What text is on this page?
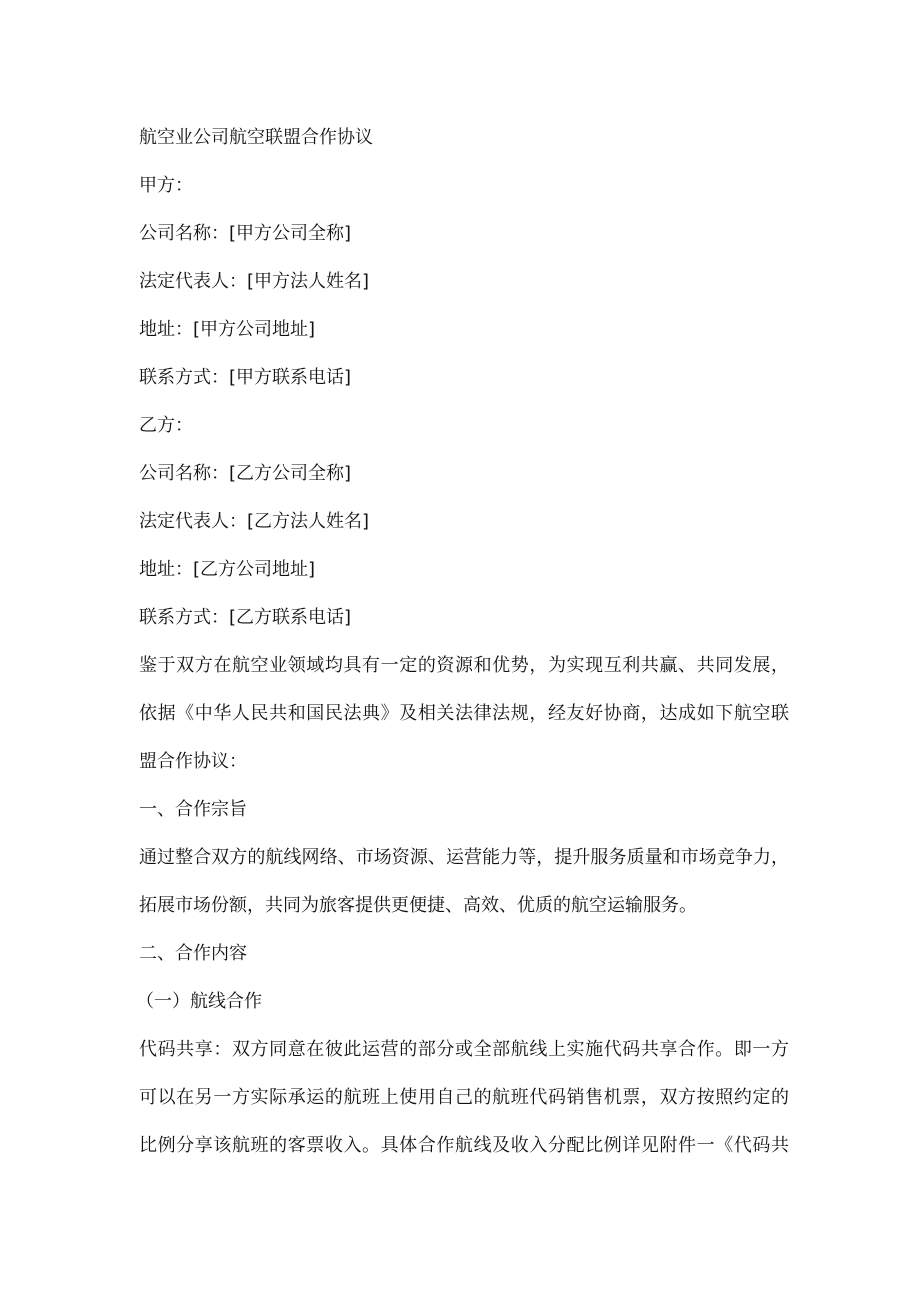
航空业公司航空联盟合作协议
甲方：
公司名称：[甲方公司全称]
法定代表人：[甲方法人姓名]
地址：[甲方公司地址]
联系方式：[甲方联系电话]
乙方：
公司名称：[乙方公司全称]
法定代表人：[乙方法人姓名]
地址：[乙方公司地址]
联系方式：[乙方联系电话]
鉴于双方在航空业领域均具有一定的资源和优势，为实现互利共赢、共同发展，
依据《中华人民共和国民法典》及相关法律法规，经友好协商，达成如下航空联
盟合作协议：
一、合作宗旨
通过整合双方的航线网络、市场资源、运营能力等，提升服务质量和市场竞争力，
拓展市场份额，共同为旅客提供更便捷、高效、优质的航空运输服务。
二、合作内容
（一）航线合作
代码共享：双方同意在彼此运营的部分或全部航线上实施代码共享合作。即一方
可以在另一方实际承运的航班上使用自己的航班代码销售机票，双方按照约定的
比例分享该航班的客票收入。具体合作航线及收入分配比例详见附件一《代码共
